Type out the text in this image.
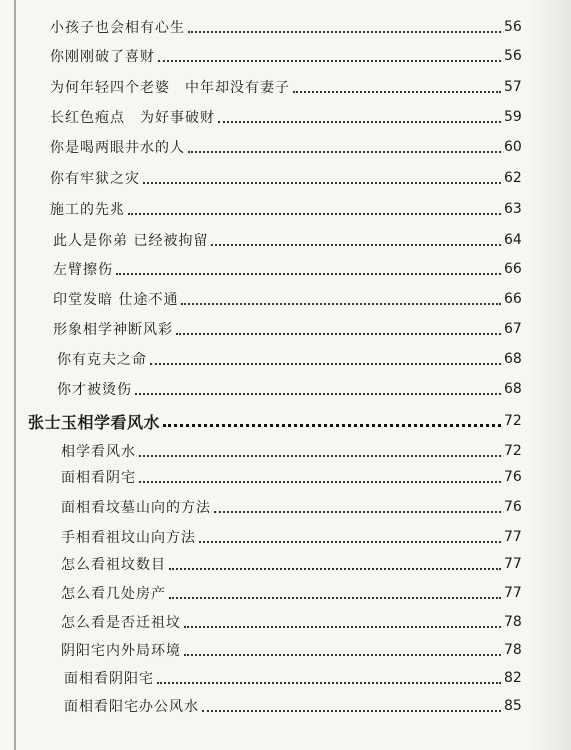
小孩子也会相有心生	56
你刚刚破了喜财	56
为何年轻四个老婆　中年却没有妻子	57
长红色疱点　为好事破财	59
你是喝两眼井水的人	60
你有牢狱之灾	62
施工的先兆	63
此人是你弟 已经被拘留	64
左臂擦伤	66
印堂发暗 仕途不通	66
形象相学神断风彩	67
你有克夫之命	68
你才被烫伤	68
张士玉相学看风水	72
相学看风水	72
面相看阴宅	76
面相看坟墓山向的方法	76
手相看祖坟山向方法	77
怎么看祖坟数目	77
怎么看几处房产	77
怎么看是否迁祖坟	78
阴阳宅内外局环境	78
面相看阴阳宅	82
面相看阳宅办公风水	85
